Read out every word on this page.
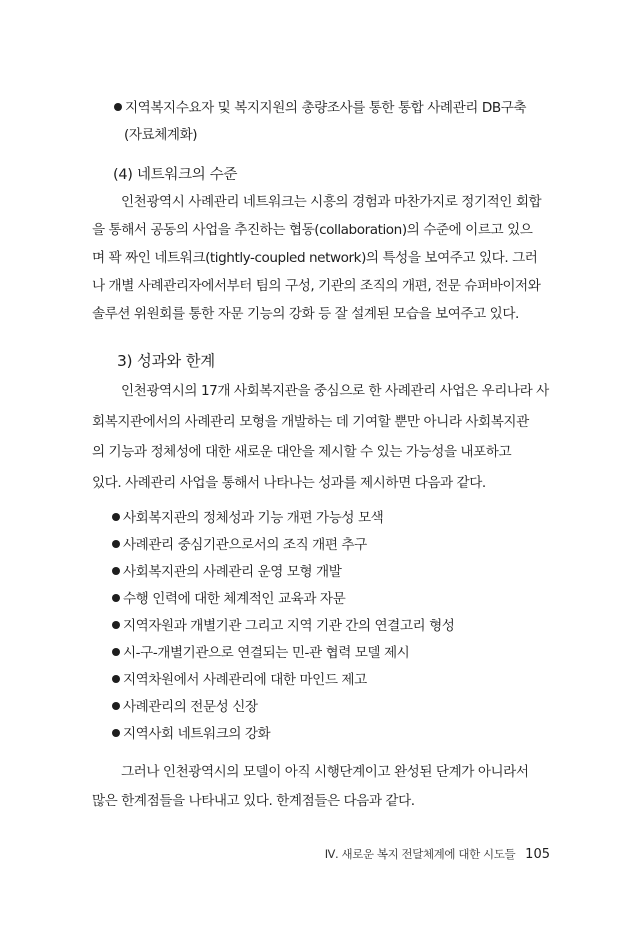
지역복지수요자 및 복지지원의 총량조사를 통한 통합 사례관리 DB구축
(자료체계화)
(4) 네트워크의 수준
인천광역시 사례관리 네트워크는 시흥의 경험과 마찬가지로 정기적인 회합
을 통해서 공동의 사업을 추진하는 협동(collaboration)의 수준에 이르고 있으
며 꽉 짜인 네트워크(tightly-coupled network)의 특성을 보여주고 있다. 그러
나 개별 사례관리자에서부터 팀의 구성, 기관의 조직의 개편, 전문 슈퍼바이저와
솔루션 위원회를 통한 자문 기능의 강화 등 잘 설계된 모습을 보여주고 있다.
3) 성과와 한계
인천광역시의 17개 사회복지관을 중심으로 한 사례관리 사업은 우리나라 사
회복지관에서의 사례관리 모형을 개발하는 데 기여할 뿐만 아니라 사회복지관
의 기능과 정체성에 대한 새로운 대안을 제시할 수 있는 가능성을 내포하고
있다. 사례관리 사업을 통해서 나타나는 성과를 제시하면 다음과 같다.
사회복지관의 정체성과 기능 개편 가능성 모색
사례관리 중심기관으로서의 조직 개편 추구
사회복지관의 사례관리 운영 모형 개발
수행 인력에 대한 체계적인 교육과 자문
지역자원과 개별기관 그리고 지역 기관 간의 연결고리 형성
시-구-개별기관으로 연결되는 민-관 협력 모델 제시
지역차원에서 사례관리에 대한 마인드 제고
사례관리의 전문성 신장
지역사회 네트워크의 강화
그러나 인천광역시의 모델이 아직 시행단계이고 완성된 단계가 아니라서
많은 한계점들을 나타내고 있다. 한계점들은 다음과 같다.
Ⅳ. 새로운 복지 전달체계에 대한 시도들 105
